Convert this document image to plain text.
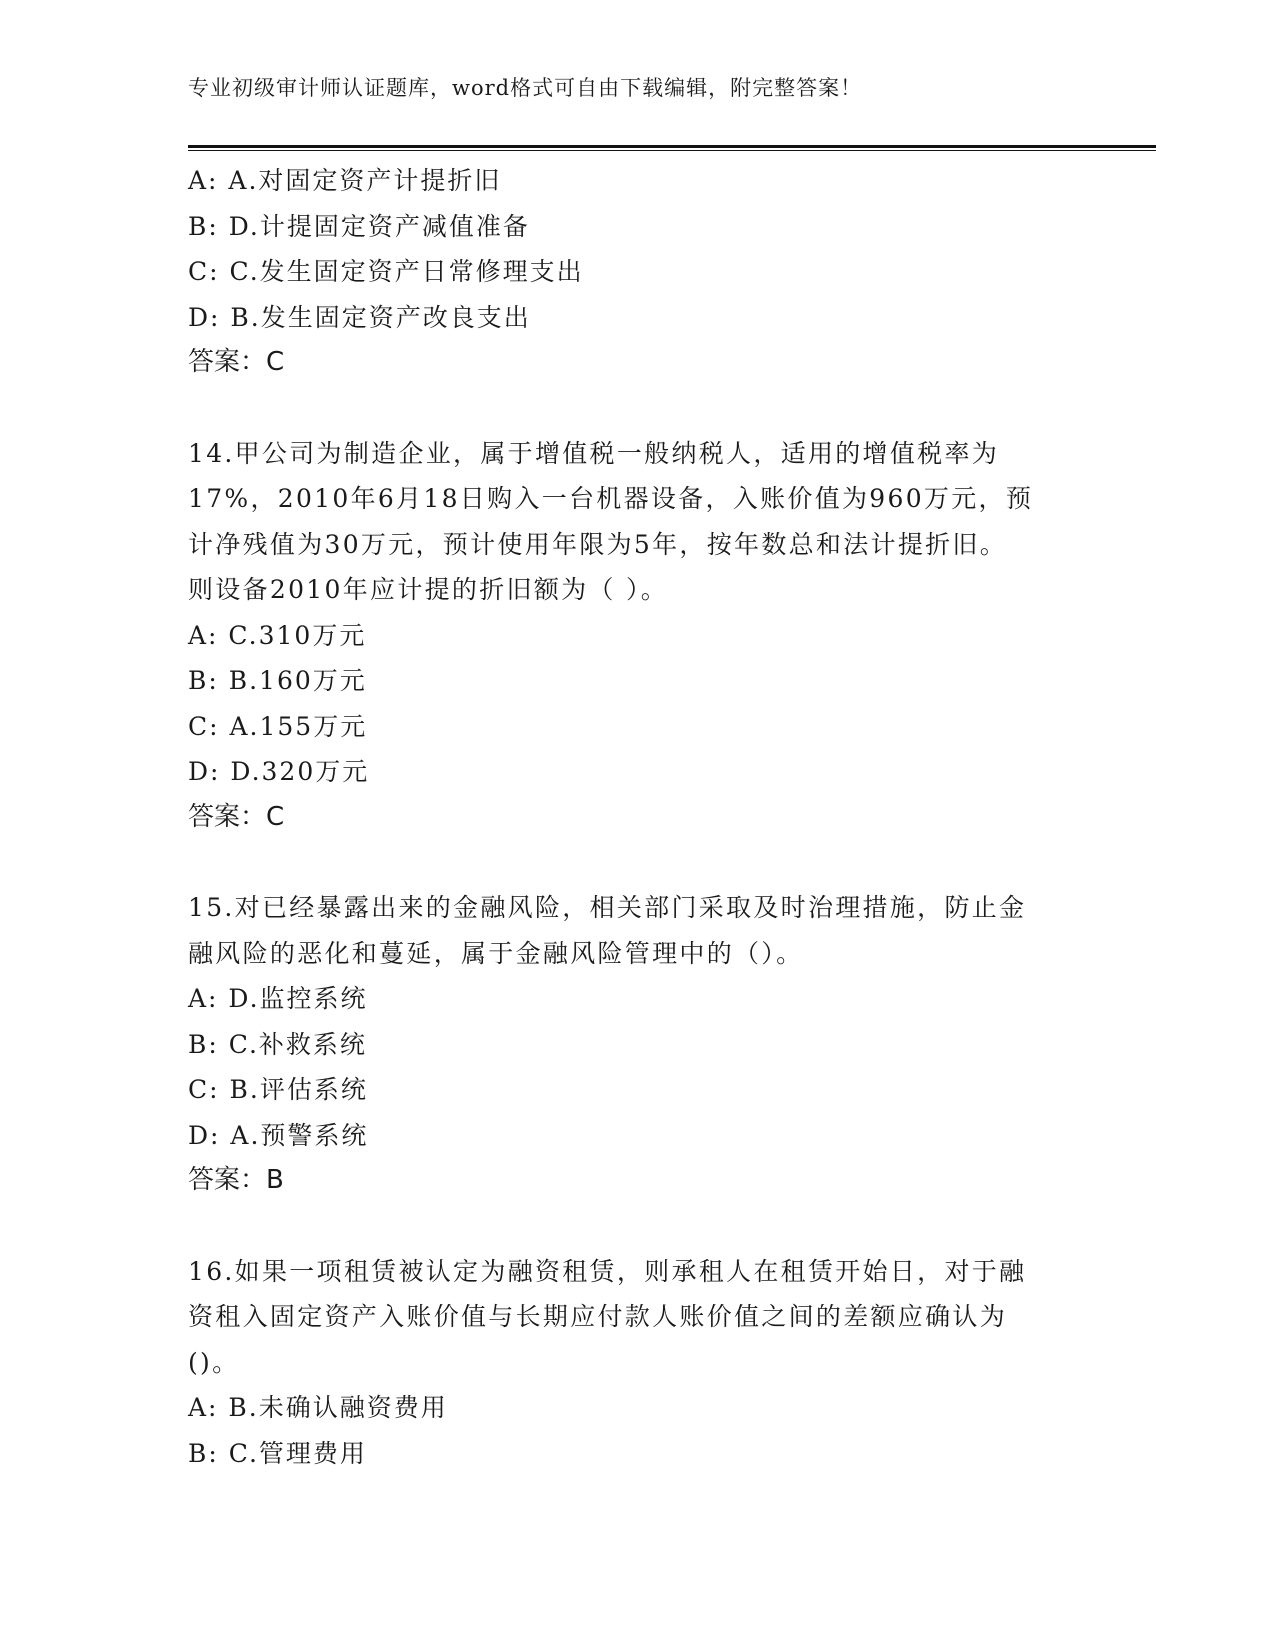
专业初级审计师认证题库，word格式可自由下载编辑，附完整答案！
A: A.对固定资产计提折旧
B: D.计提固定资产减值准备
C: C.发生固定资产日常修理支出
D: B.发生固定资产改良支出
答案：C
14.甲公司为制造企业，属于增值税一般纳税人，适用的增值税率为
17%，2010年6月18日购入一台机器设备，入账价值为960万元，预
计净残值为30万元，预计使用年限为5年，按年数总和法计提折旧。
则设备2010年应计提的折旧额为（ ）。
A: C.310万元
B: B.160万元
C: A.155万元
D: D.320万元
答案：C
15.对已经暴露出来的金融风险，相关部门采取及时治理措施，防止金
融风险的恶化和蔓延，属于金融风险管理中的（）。
A: D.监控系统
B: C.补救系统
C: B.评估系统
D: A.预警系统
答案：B
16.如果一项租赁被认定为融资租赁，则承租人在租赁开始日，对于融
资租入固定资产入账价值与长期应付款人账价值之间的差额应确认为
()。
A: B.未确认融资费用
B: C.管理费用
